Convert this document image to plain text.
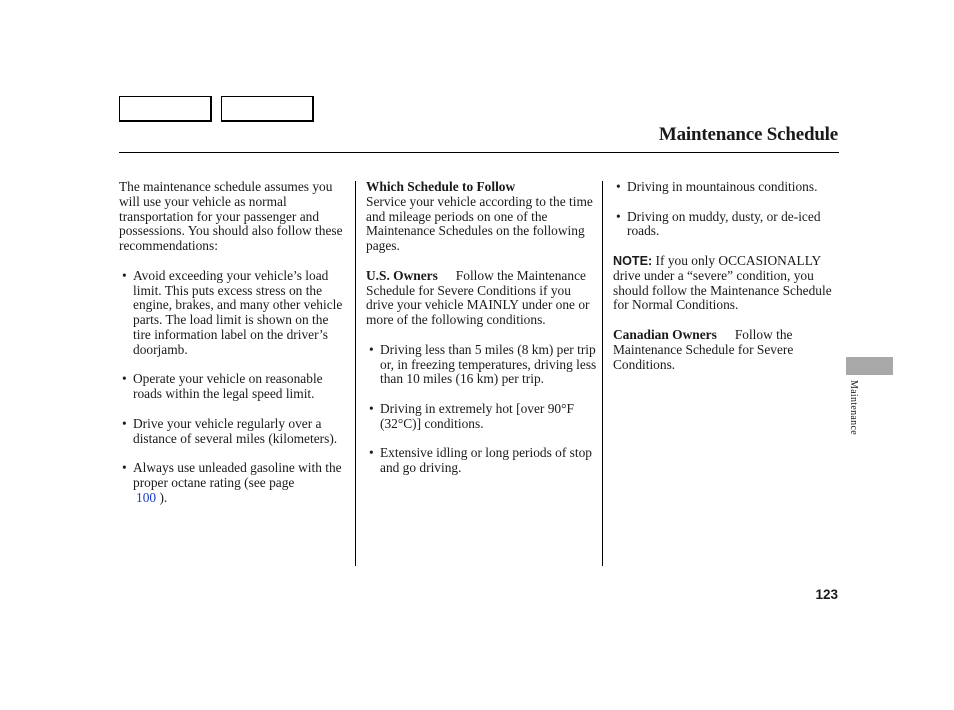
Maintenance Schedule

The maintenance schedule assumes you will use your vehicle as normal transportation for your passenger and possessions. You should also follow these recommendations:

• Avoid exceeding your vehicle’s load limit. This puts excess stress on the engine, brakes, and many other vehicle parts. The load limit is shown on the tire information label on the driver’s doorjamb.
• Operate your vehicle on reasonable roads within the legal speed limit.
• Drive your vehicle regularly over a distance of several miles (kilometers).
• Always use unleaded gasoline with the proper octane rating (see page
100 ).
Which Schedule to Follow
Service your vehicle according to the time and mileage periods on one of the Maintenance Schedules on the following pages.
U.S. Owners Follow the Maintenance Schedule for Severe Conditions if you drive your vehicle MAINLY under one or more of the following conditions.
• Driving less than 5 miles (8 km) per trip or, in freezing temperatures, driving less than 10 miles (16 km) per trip.
• Driving in extremely hot [over 90°F (32°C)] conditions.
• Extensive idling or long periods of stop and go driving.
• Driving in mountainous conditions.
• Driving on muddy, dusty, or de-iced roads.
NOTE: If you only OCCASIONALLY drive under a “severe” condition, you should follow the Maintenance Schedule for Normal Conditions.
Canadian Owners Follow the Maintenance Schedule for Severe Conditions.
Maintenance
123
